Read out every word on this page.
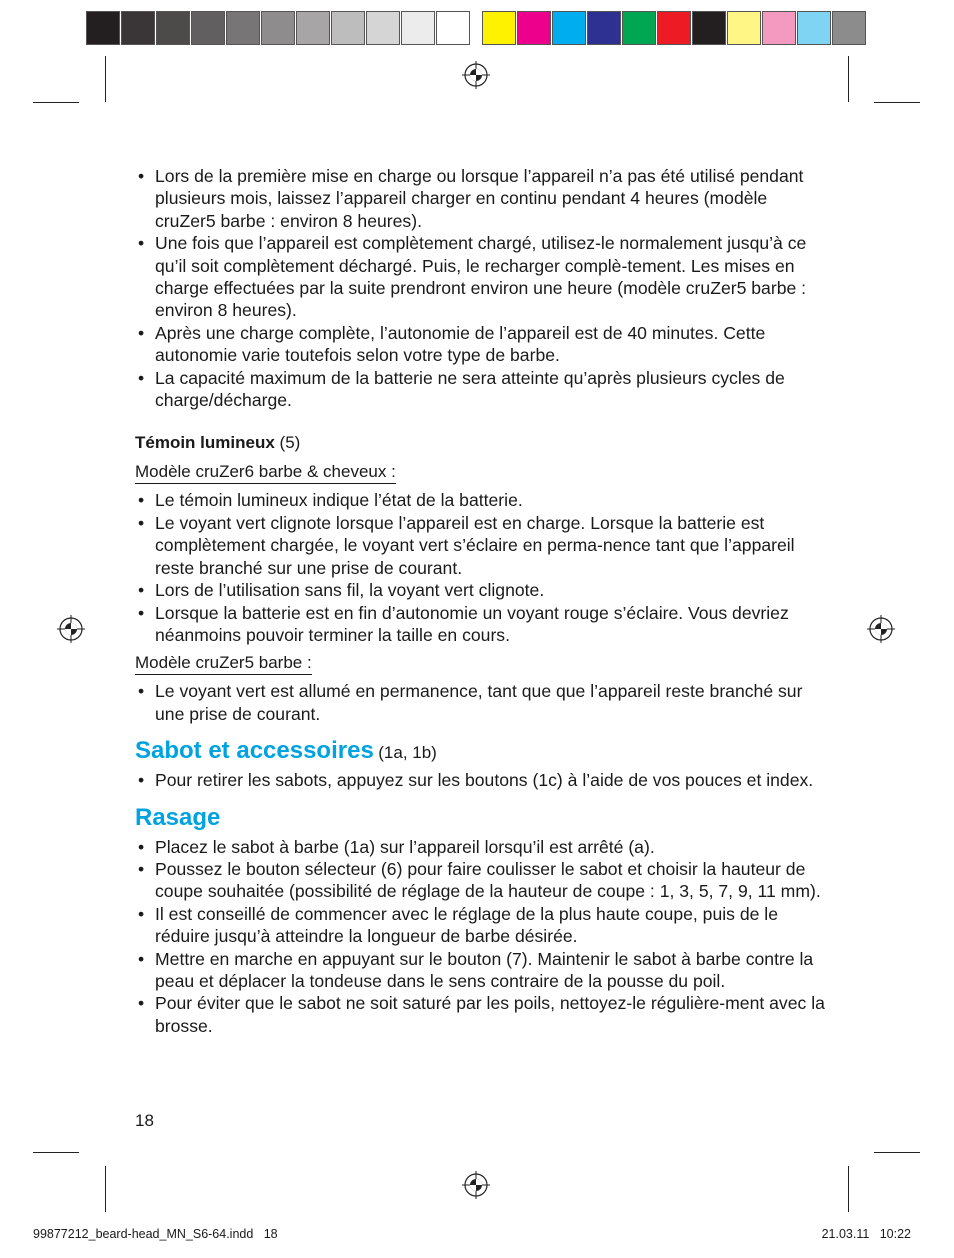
• Lors de la première mise en charge ou lorsque l’appareil n’a pas été utilisé pendant plusieurs mois, laissez l’appareil charger en continu pendant 4 heures (modèle cruZer5 barbe : environ 8 heures).
• Une fois que l’appareil est complètement chargé, utilisez-le normalement jusqu’à ce qu’il soit complètement déchargé. Puis, le recharger complè-tement. Les mises en charge effectuées par la suite prendront environ une heure (modèle cruZer5 barbe : environ 8 heures).
• Après une charge complète, l’autonomie de l’appareil est de 40 minutes. Cette autonomie varie toutefois selon votre type de barbe.
• La capacité maximum de la batterie ne sera atteinte qu’après plusieurs cycles de charge/décharge.

Témoin lumineux (5)

Modèle cruZer6 barbe & cheveux :
• Le témoin lumineux indique l’état de la batterie.
• Le voyant vert clignote lorsque l’appareil est en charge. Lorsque la batterie est complètement chargée, le voyant vert s’éclaire en perma-nence tant que l’appareil reste branché sur une prise de courant.
• Lors de l’utilisation sans fil, la voyant vert clignote.
• Lorsque la batterie est en fin d’autonomie un voyant rouge s’éclaire. Vous devriez néanmoins pouvoir terminer la taille en cours.
Modèle cruZer5 barbe :
• Le voyant vert est allumé en permanence, tant que que l’appareil reste branché sur une prise de courant.

Sabot et accessoires (1a, 1b)

• Pour retirer les sabots, appuyez sur les boutons (1c) à l’aide de vos pouces et index.

Rasage

• Placez le sabot à barbe (1a) sur l’appareil lorsqu’il est arrêté (a).
• Poussez le bouton sélecteur (6) pour faire coulisser le sabot et choisir la hauteur de coupe souhaitée (possibilité de réglage de la hauteur de coupe : 1, 3, 5, 7, 9, 11 mm).
• Il est conseillé de commencer avec le réglage de la plus haute coupe, puis de le réduire jusqu’à atteindre la longueur de barbe désirée.
• Mettre en marche en appuyant sur le bouton (7). Maintenir le sabot à barbe contre la peau et déplacer la tondeuse dans le sens contraire de la pousse du poil.
• Pour éviter que le sabot ne soit saturé par les poils, nettoyez-le régulière-ment avec la brosse.
18
99877212_beard-head_MN_S6-64.indd   18	21.03.11   10:22
